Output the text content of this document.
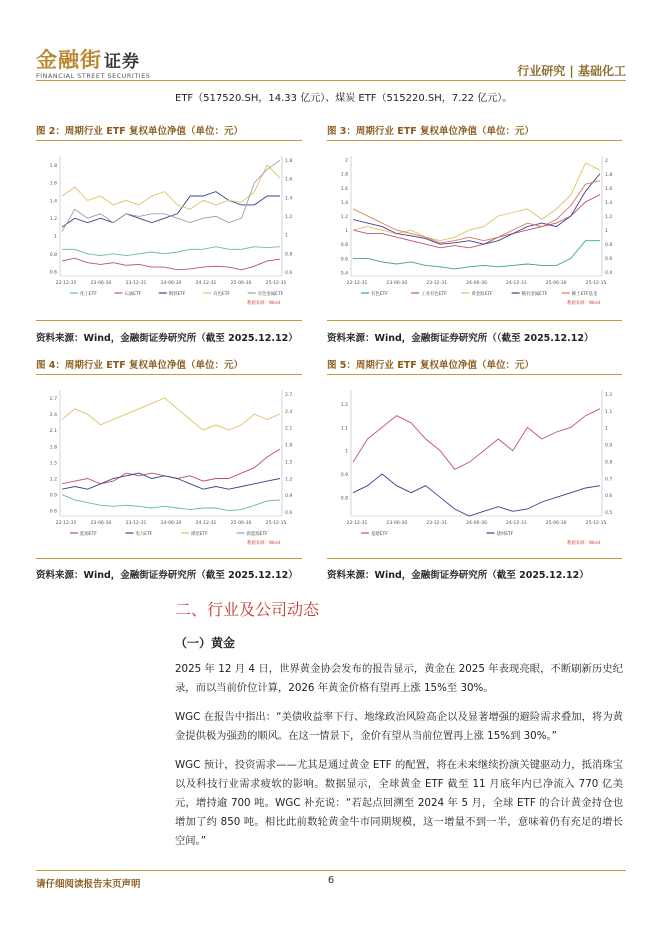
金融街 证券
FINANCIAL STREET SECURITIES	行业研究 | 基础化工
ETF（517520.SH，14.33 亿元）、煤炭 ETF（515220.SH，7.22 亿元）。
图 2：周期行业 ETF 复权单位净值（单位：元）	图 3：周期行业 ETF 复权单位净值（单位：元）
0.6
0.8
1
1.2
1.4
1.6
1.8
0.6
0.8
1
1.2
1.4
1.6
1.8
22-12-31	23-06-30	23-12-31	24-06-30	24-12-31	25-06-30	25-12-31
化工ETF	石油ETF	钢铁ETF	有色ETF	有色金属ETF
数据来源：Wind
0.4
0.6
0.8
1
1.2
1.4
1.6
1.8
2
0.4
0.6
0.8
1
1.2
1.4
1.6
1.8
2
22-12-31	23-06-30	23-12-31	24-06-30	24-12-31	25-06-30	25-12-15
有色ETF	工业有色ETF	黄金股ETF	稀有金属ETF	稀土ETF基金
数据来源：Wind
资料来源：Wind，金融街证券研究所（截至 2025.12.12）	资料来源：Wind，金融街证券研究所（（截至 2025.12.12）
图 4：周期行业 ETF 复权单位净值（单位：元）	图 5：周期行业 ETF 复权单位净值（单位：元）
0.6
0.9
1.2
1.5
1.8
2.1
2.4
2.7
0.6
0.9
1.2
1.5
1.8
2.1
2.4
2.7
22-12-31	23-06-30	23-12-31	24-06-30	24-12-31	25-06-30	25-12-15
能源ETF	电力ETF	煤炭ETF	新能源ETF
数据来源：Wind
0.8
0.9
1
1.1
1.2
0.5
0.6
0.7
0.8
0.9
1
1.1
1.2
22-12-31	23-06-30	23-12-31	24-06-30	24-12-31	25-06-30	25-12-15
基建ETF	建材ETF
数据来源：Wind
资料来源：Wind，金融街证券研究所（截至 2025.12.12）	资料来源：Wind，金融街证券研究所（截至 2025.12.12）
二、行业及公司动态
（一）黄金
2025 年 12 月 4 日，世界黄金协会发布的报告显示，黄金在 2025 年表现亮眼，不断刷新历史纪录，而以当前价位计算，2026 年黄金价格有望再上涨 15%至 30%。
WGC 在报告中指出：“美债收益率下行、地缘政治风险高企以及显著增强的避险需求叠加，将为黄金提供极为强劲的顺风。在这一情景下，金价有望从当前位置再上涨 15%到 30%。”
WGC 预计，投资需求——尤其是通过黄金 ETF 的配置，将在未来继续扮演关键驱动力，抵消珠宝以及科技行业需求疲软的影响。数据显示，全球黄金 ETF 截至 11 月底年内已净流入 770 亿美元，增持逾 700 吨。WGC 补充说：“若起点回溯至 2024 年 5 月，全球 ETF 的合计黄金持仓也增加了约 850 吨。相比此前数轮黄金牛市同期规模，这一增量不到一半，意味着仍有充足的增长空间。”
请仔细阅读报告末页声明	6
